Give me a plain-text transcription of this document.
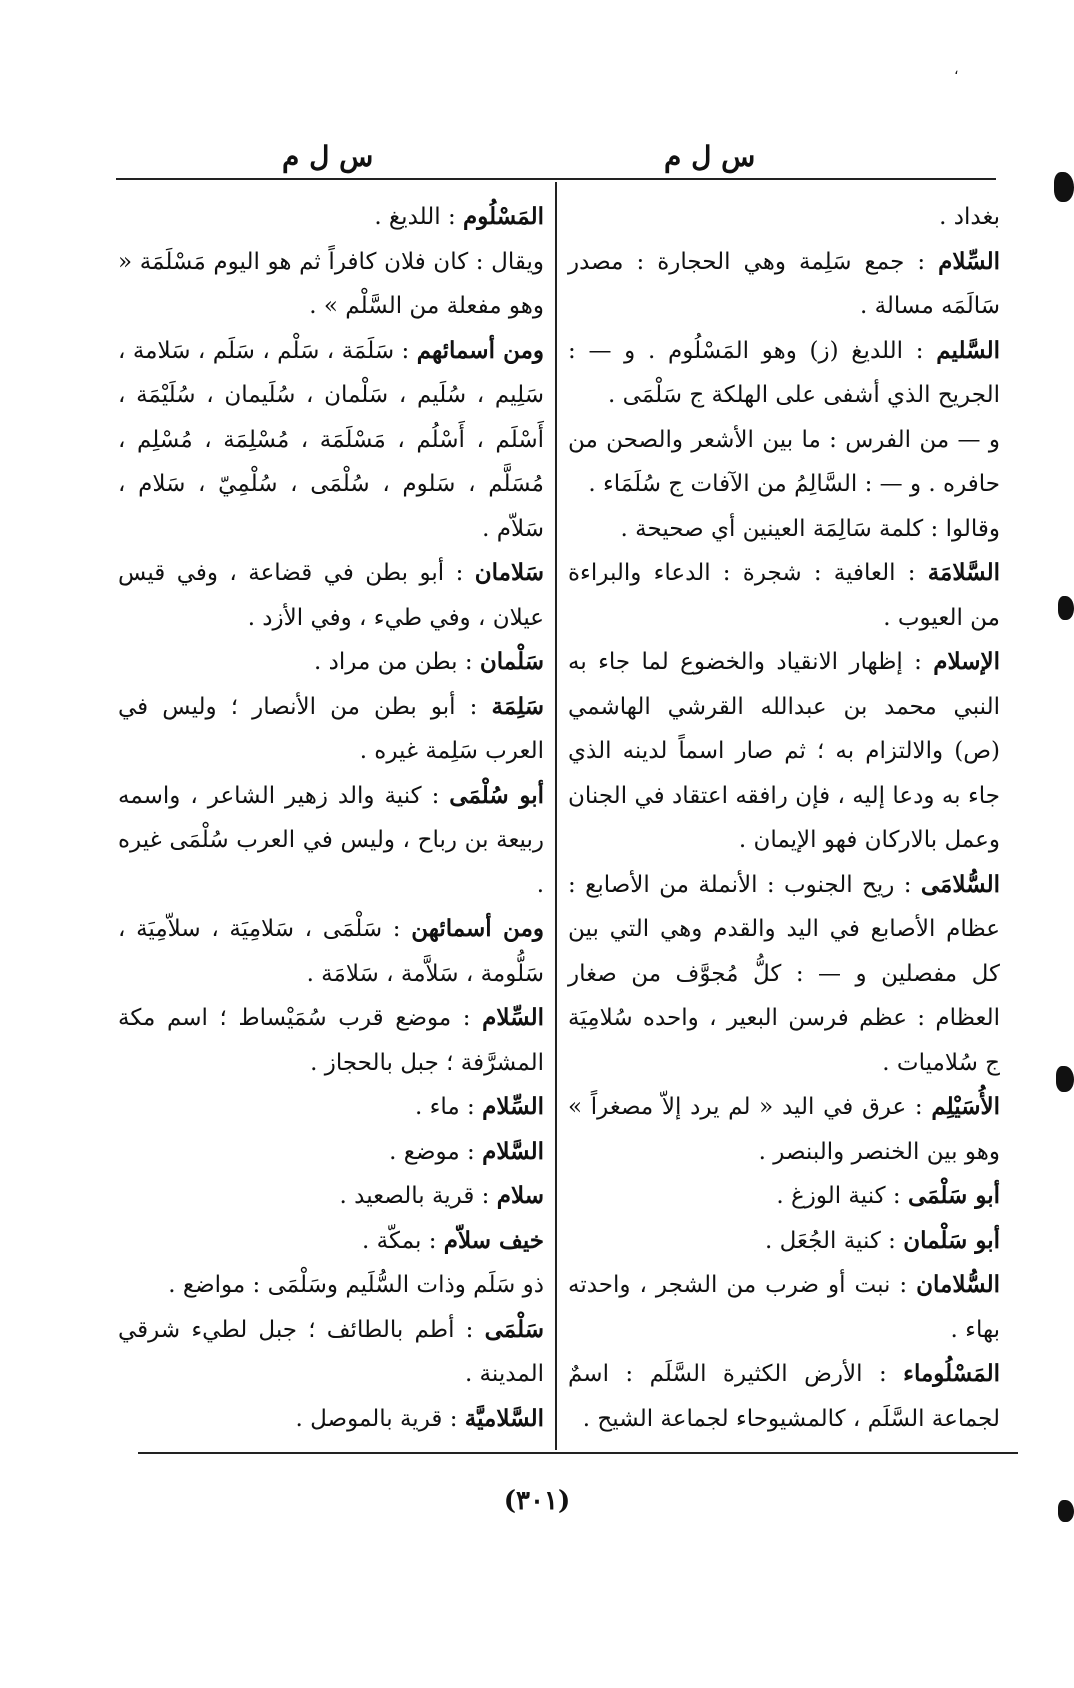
،
س ل م
س ل م

بغداد .

السِّلام : جمع سَلِمة وهي الحجارة : مصدر سَالَمَه مسالة .

السَّليم : اللديغ (ز) وهو المَسْلُوم . و — : الجريح الذي أشفى على الهلكة ج سَلْمَى .

و — من الفرس : ما بين الأشعر والصحن من حافره . و — : السَّالِمُ من الآفات ج سُلَمَاء .

وقالوا : كلمة سَالِمَة العينين أي صحيحة .

السَّلامَة : العافية : شجرة : الدعاء والبراءة من العيوب .

الإسلام : إظهار الانقياد والخضوع لما جاء به النبي محمد بن عبدالله القرشي الهاشمي (ص) والالتزام به ؛ ثم صار اسماً لدينه الذي جاء به ودعا إليه ، فإن رافقه اعتقاد في الجنان وعمل بالاركان فهو الإيمان .

السُّلامَى : ريح الجنوب : الأنملة من الأصابع : عظام الأصابع في اليد والقدم وهي التي بين كل مفصلين و — : كلُّ مُجوَّف من صغار العظام : عظم فرسن البعير ، واحده سُلامِيَة ج سُلاميات .

الأُسَيْلِم : عرق في اليد « لم يرد إلاّ مصغراً » وهو بين الخنصر والبنصر .

أبو سَلْمَى : كنية الوزغ .

أبو سَلْمان : كنية الجُعَل .

السُّلامان : نبت أو ضرب من الشجر ، واحدته بهاء .

المَسْلُوماء : الأرض الكثيرة السَّلَم : اسمٌ لجماعة السَّلَم ، كالمشيوحاء لجماعة الشيح .

المَسْلُوم : اللديغ .

ويقال : كان فلان كافراً ثم هو اليوم مَسْلَمَة « وهو مفعلة من السَّلْم » .

ومن أسمائهم : سَلَمَة ، سَلْم ، سَلَم ، سَلامة ، سَلِيم ، سُلَيم ، سَلْمان ، سُلَيمان ، سُلَيْمَة ، أَسْلَم ، أَسْلُم ، مَسْلَمَة ، مُسْلِمَة ، مُسْلِم ، مُسَلَّم ، سَلوم ، سُلْمَى ، سُلْمِيّ ، سَلام ، سَلاّم .

سَلامان : أبو بطن في قضاعة ، وفي قيس عيلان ، وفي طيء ، وفي الأزد .

سَلْمان : بطن من مراد .

سَلِمَة : أبو بطن من الأنصار ؛ وليس في العرب سَلِمة غيره .

أبو سُلْمَى : كنية والد زهير الشاعر ، واسمه ربيعة بن رباح ، وليس في العرب سُلْمَى غيره .

ومن أسمائهن : سَلْمَى ، سَلامِيَة ، سلاّمِيَة ، سَلُّومة ، سَلاَّمة ، سَلامَة .

السِّلام : موضع قرب سُمَيْساط ؛ اسم مكة المشرَّفة ؛ جبل بالحجاز .

السِّلام : ماء .

السَّلام : موضع .

سلام : قرية بالصعيد .

خيف سلاّم : بمكّة .

ذو سَلَم وذات السُّلَيم وسَلْمَى : مواضع .

سَلْمَى : أطم بالطائف ؛ جبل لطيء شرقي المدينة .

السَّلاميَّة : قرية بالموصل .

(٣٠١)
